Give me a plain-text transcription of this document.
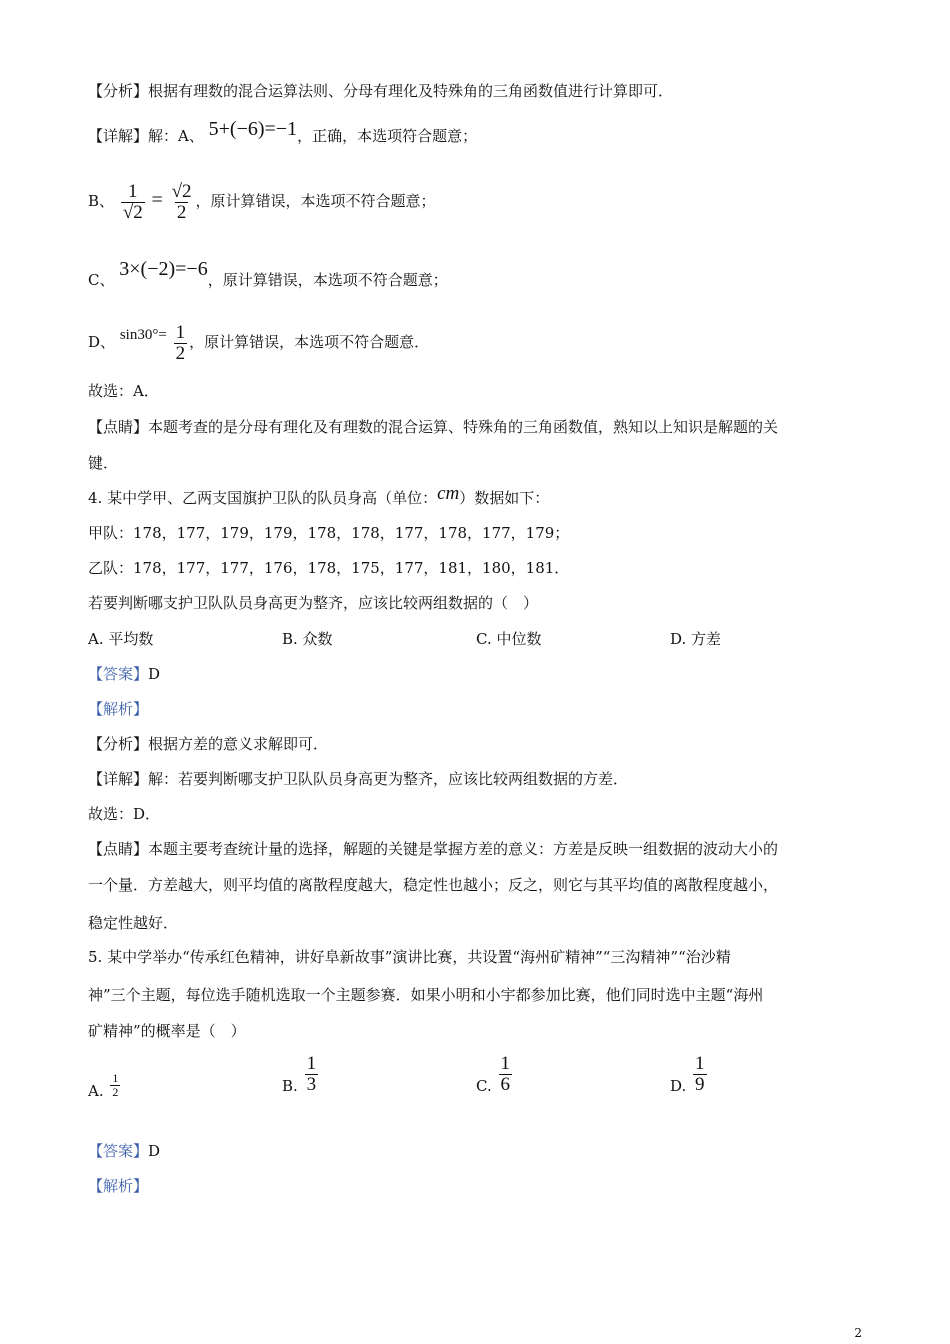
【分析】根据有理数的混合运算法则、分母有理化及特殊角的三角函数值进行计算即可．
【详解】解：A、 5+(−6)=−1，正确，本选项符合题意；
B、 $\frac{1}{√2} = \frac{√2}{2}$ ，原计算错误，本选项不符合题意；
C、 3×(−2)=−6，原计算错误，本选项不符合题意；
D、 $\sin 30^\circ= \frac{1}{2}$ ，原计算错误，本选项不符合题意．
故选：A．
【点睛】本题考查的是分母有理化及有理数的混合运算、特殊角的三角函数值，熟知以上知识是解题的关
键．
4. 某中学甲、乙两支国旗护卫队的队员身高（单位：cm）数据如下：
甲队：178，177，179，179，178，178，177，178，177，179；
乙队：178，177，177，176，178，175，177，181，180，181．
若要判断哪支护卫队队员身高更为整齐，应该比较两组数据的（　）
A. 平均数	B. 众数	C. 中位数	D. 方差
【答案】D
【解析】
【分析】根据方差的意义求解即可．
【详解】解：若要判断哪支护卫队队员身高更为整齐，应该比较两组数据的方差．
故选：D．
【点睛】本题主要考查统计量的选择，解题的关键是掌握方差的意义：方差是反映一组数据的波动大小的
一个量．方差越大，则平均值的离散程度越大，稳定性也越小；反之，则它与其平均值的离散程度越小，
稳定性越好．
5. 某中学举办“传承红色精神，讲好阜新故事”演讲比赛，共设置“海州矿精神”“三沟精神”“治沙精
神”三个主题，每位选手随机选取一个主题参赛．如果小明和小宇都参加比赛，他们同时选中主题“海州
矿精神”的概率是（　）
A. $\frac{1}{2}$	B. $\frac{1}{3}$	C. $\frac{1}{6}$	D. $\frac{1}{9}$
【答案】D
【解析】
2
